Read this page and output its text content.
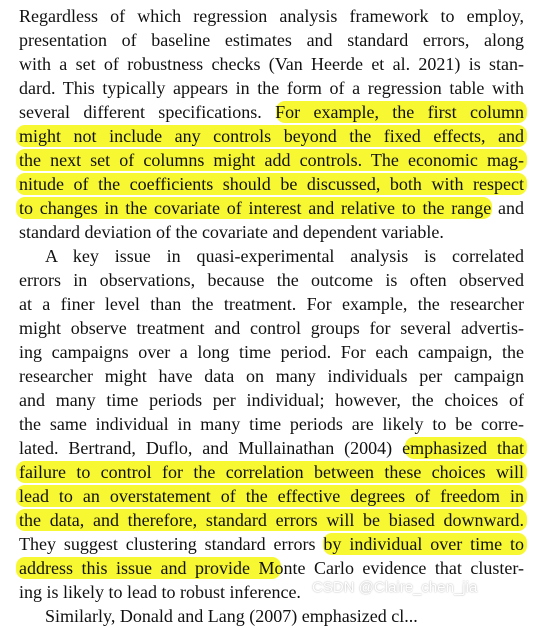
Regardless of which regression analysis framework to employ,
presentation of baseline estimates and standard errors, along
with a set of robustness checks (Van Heerde et al. 2021) is stan-
dard. This typically appears in the form of a regression table with
several different specifications. For example, the first column
might not include any controls beyond the fixed effects, and
the next set of columns might add controls. The economic mag-
nitude of the coefficients should be discussed, both with respect
to changes in the covariate of interest and relative to the range and
standard deviation of the covariate and dependent variable.
A key issue in quasi-experimental analysis is correlated
errors in observations, because the outcome is often observed
at a finer level than the treatment. For example, the researcher
might observe treatment and control groups for several advertis-
ing campaigns over a long time period. For each campaign, the
researcher might have data on many individuals per campaign
and many time periods per individual; however, the choices of
the same individual in many time periods are likely to be corre-
lated. Bertrand, Duflo, and Mullainathan (2004) emphasized that
failure to control for the correlation between these choices will
lead to an overstatement of the effective degrees of freedom in
the data, and therefore, standard errors will be biased downward.
They suggest clustering standard errors by individual over time to
address this issue and provide Monte Carlo evidence that cluster-
ing is likely to lead to robust inference.
Similarly, Donald and Lang (2007) emphasized cl...
CSDN @Claire_chen_jia
